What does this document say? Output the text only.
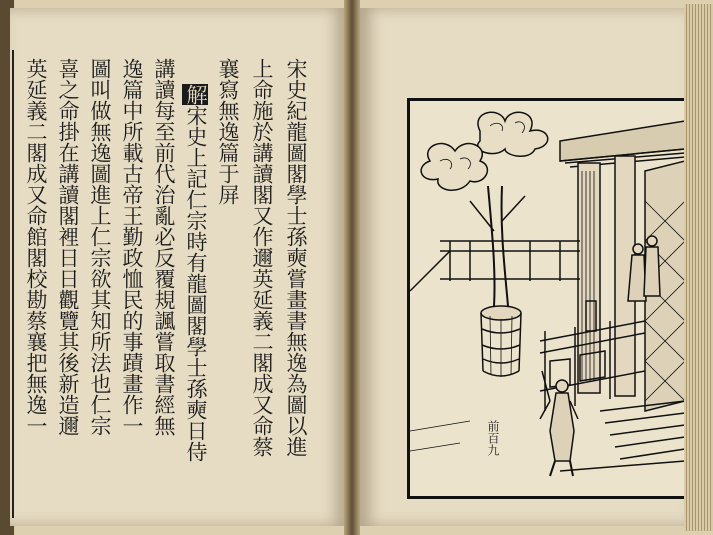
宋史紀龍圖閣學士孫奭嘗畫書無逸為圖以進
上命施於講讀閣又作邇英延義二閣成又命蔡
襄寫無逸篇于屏
解宋史上記仁宗時有龍圖閣學士孫奭日侍
講讀每至前代治亂必反覆規諷嘗取書經無
逸篇中所載古帝王勤政恤民的事蹟畫作一
圖叫做無逸圖進上仁宗欲其知所法也仁宗
喜之命掛在講讀閣裡日日觀覽其後新造邇
英延義二閣成又命館閣校勘蔡襄把無逸一
前百九
